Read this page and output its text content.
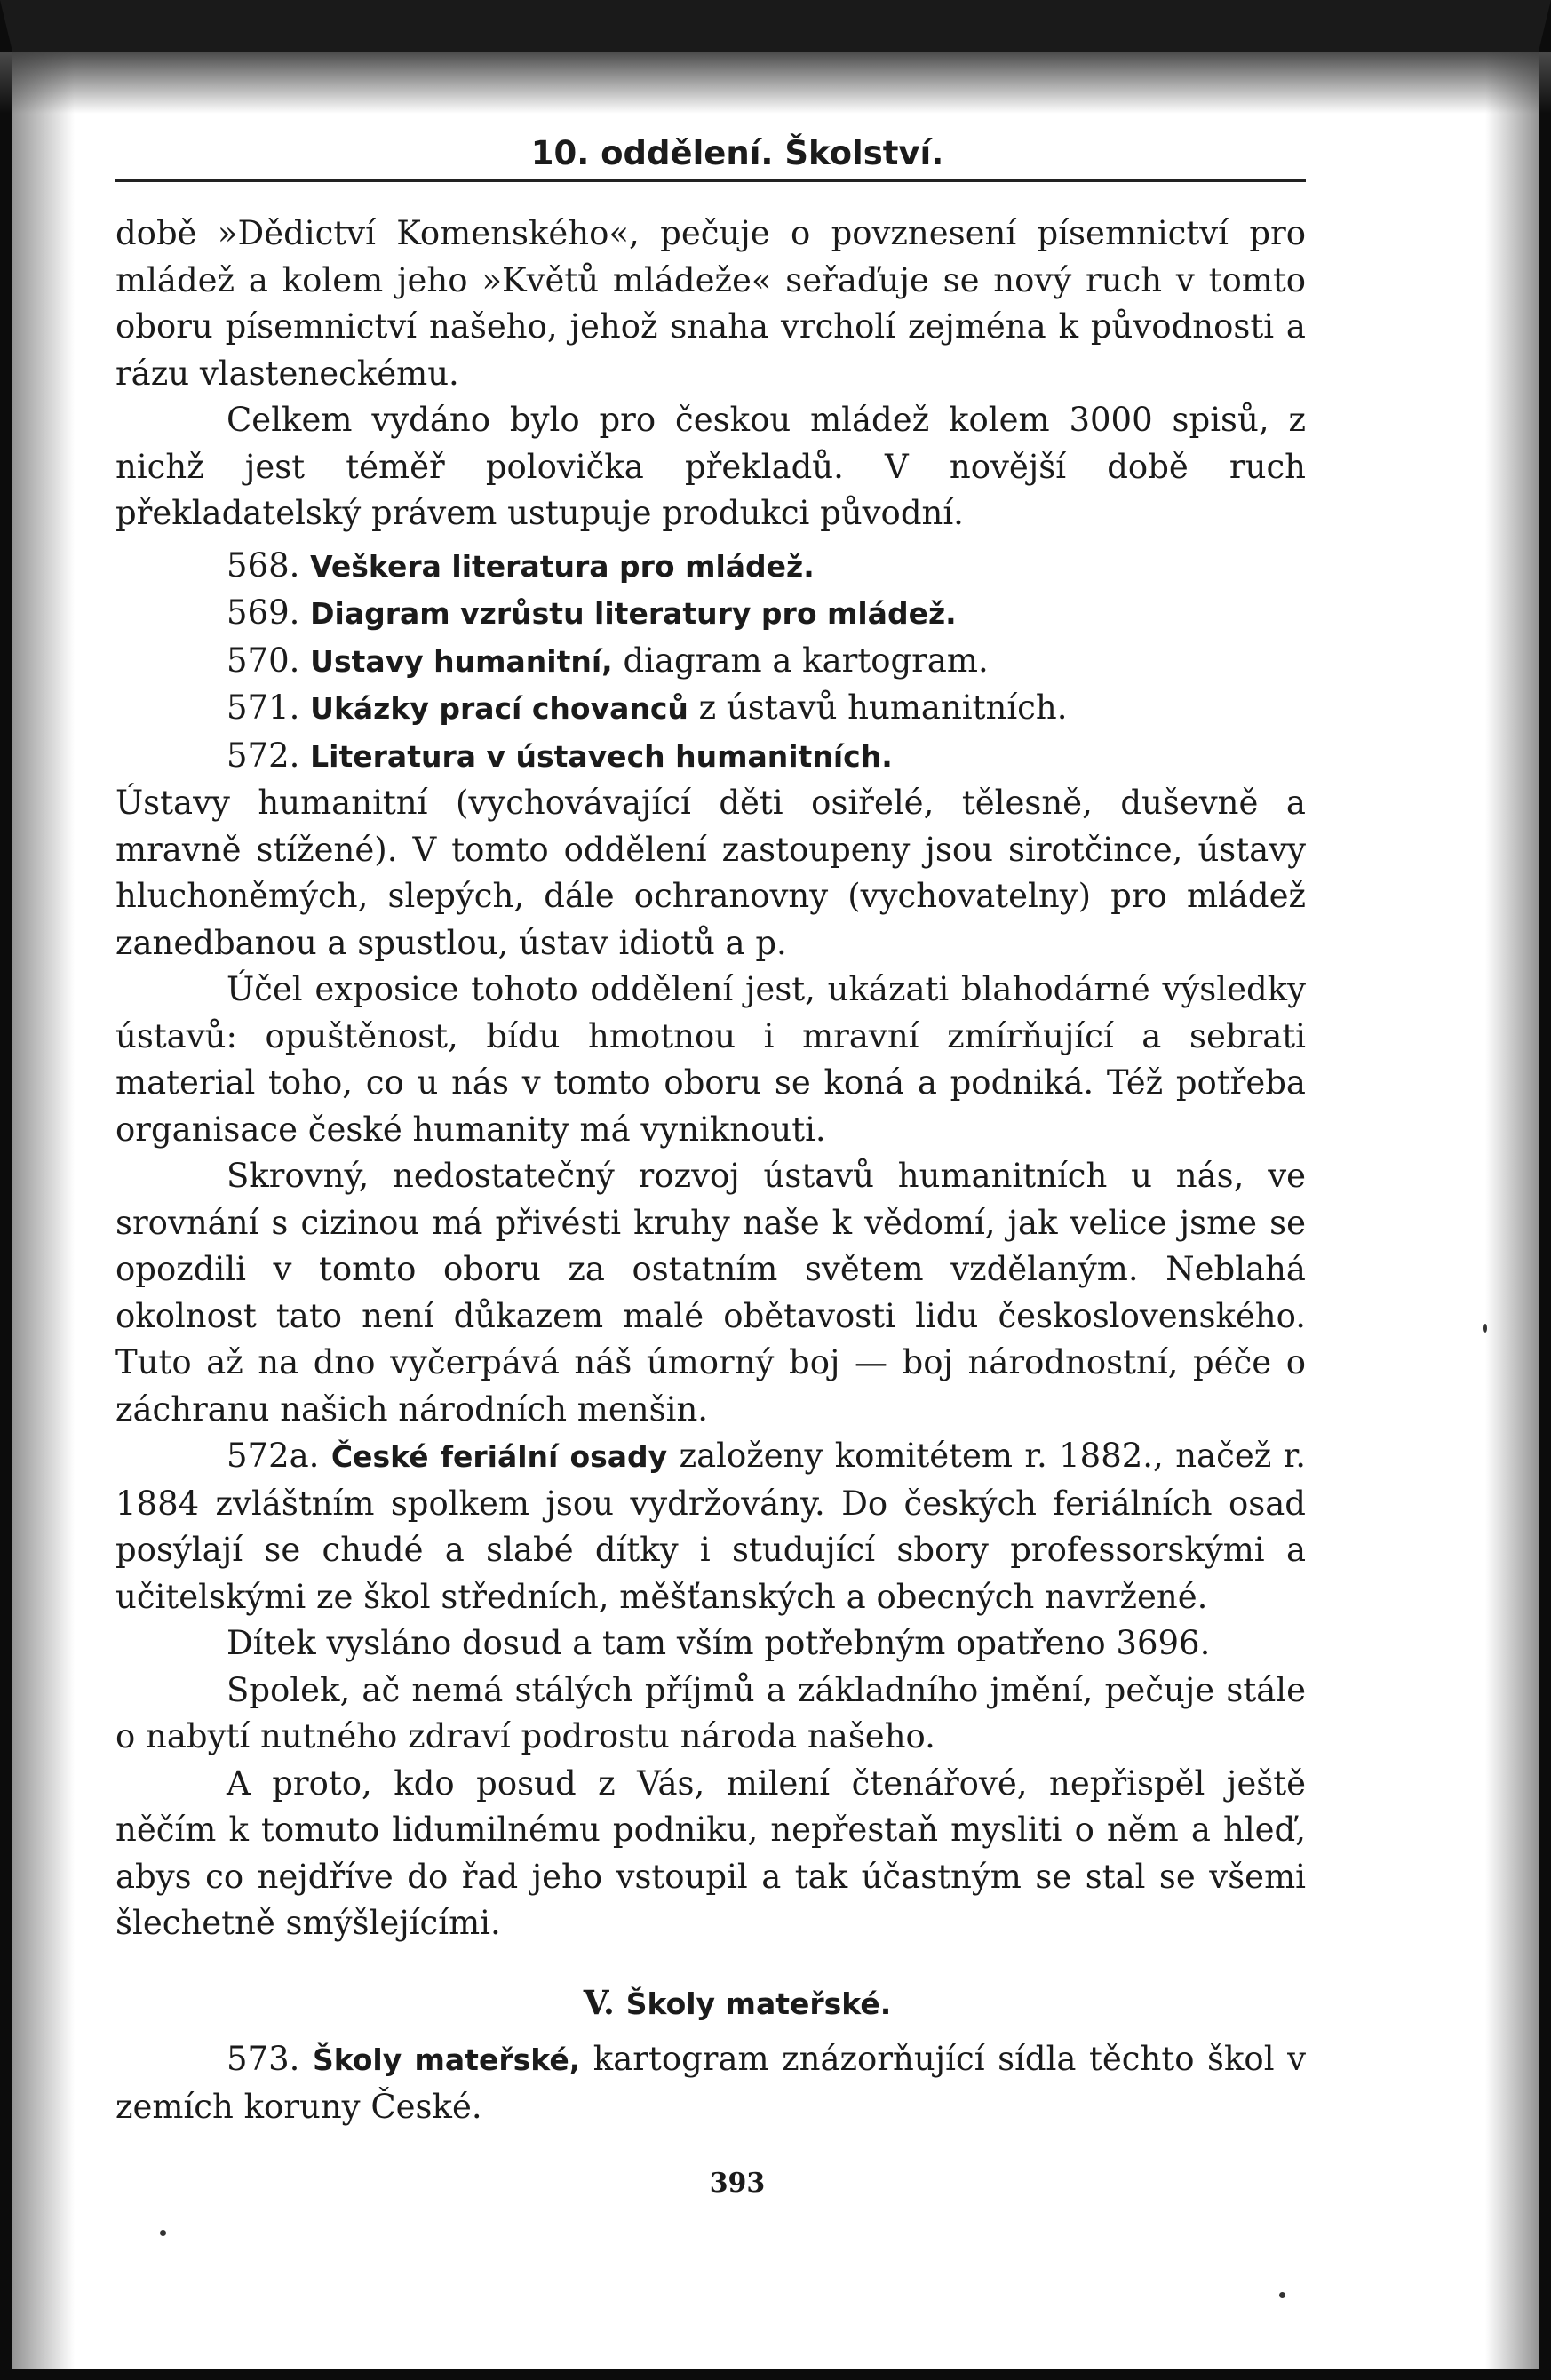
10. oddělení. Školství.

době »Dědictví Komenského«, pečuje o povznesení písemnictví pro mládež a kolem jeho »Květů mládeže« seřaďuje se nový ruch v tomto oboru písemnictví našeho, jehož snaha vrcholí zejména k původnosti a rázu vlasteneckému.

Celkem vydáno bylo pro českou mládež kolem 3000 spisů, z nichž jest téměř polovička překladů. V novější době ruch překladatelský právem ustupuje produkci původní.

568. Veškera literatura pro mládež.

569. Diagram vzrůstu literatury pro mládež.

570. Ustavy humanitní, diagram a kartogram.

571. Ukázky prací chovanců z ústavů humanitních.

572. Literatura v ústavech humanitních.

Ústavy humanitní (vychovávající děti osiřelé, tělesně, duševně a mravně stížené). V tomto oddělení zastoupeny jsou sirotčince, ústavy hluchoněmých, slepých, dále ochranovny (vychovatelny) pro mládež zanedbanou a spustlou, ústav idiotů a p.

Účel exposice tohoto oddělení jest, ukázati blahodárné výsledky ústavů: opuštěnost, bídu hmotnou i mravní zmírňující a sebrati material toho, co u nás v tomto oboru se koná a podniká. Též potřeba organisace české humanity má vyniknouti.

Skrovný, nedostatečný rozvoj ústavů humanitních u nás, ve srovnání s cizinou má přivésti kruhy naše k vědomí, jak velice jsme se opozdili v tomto oboru za ostatním světem vzdělaným. Neblahá okolnost tato není důkazem malé obětavosti lidu československého. Tuto až na dno vyčerpává náš úmorný boj — boj národnostní, péče o záchranu našich národních menšin.

572a. České feriální osady založeny komitétem r. 1882., načež r. 1884 zvláštním spolkem jsou vydržovány. Do českých feriálních osad posýlají se chudé a slabé dítky i studující sbory professorskými a učitelskými ze škol středních, měšťanských a obecných navržené.

Dítek vysláno dosud a tam vším potřebným opatřeno 3696.

Spolek, ač nemá stálých příjmů a základního jmění, pečuje stále o nabytí nutného zdraví podrostu národa našeho.

A proto, kdo posud z Vás, milení čtenářové, nepřispěl ještě něčím k tomuto lidumilnému podniku, nepřestaň mysliti o něm a hleď, abys co nejdříve do řad jeho vstoupil a tak účastným se stal se všemi šlechetně smýšlejícími.

V. Školy mateřské.

573. Školy mateřské, kartogram znázorňující sídla těchto škol v zemích koruny České.

393
